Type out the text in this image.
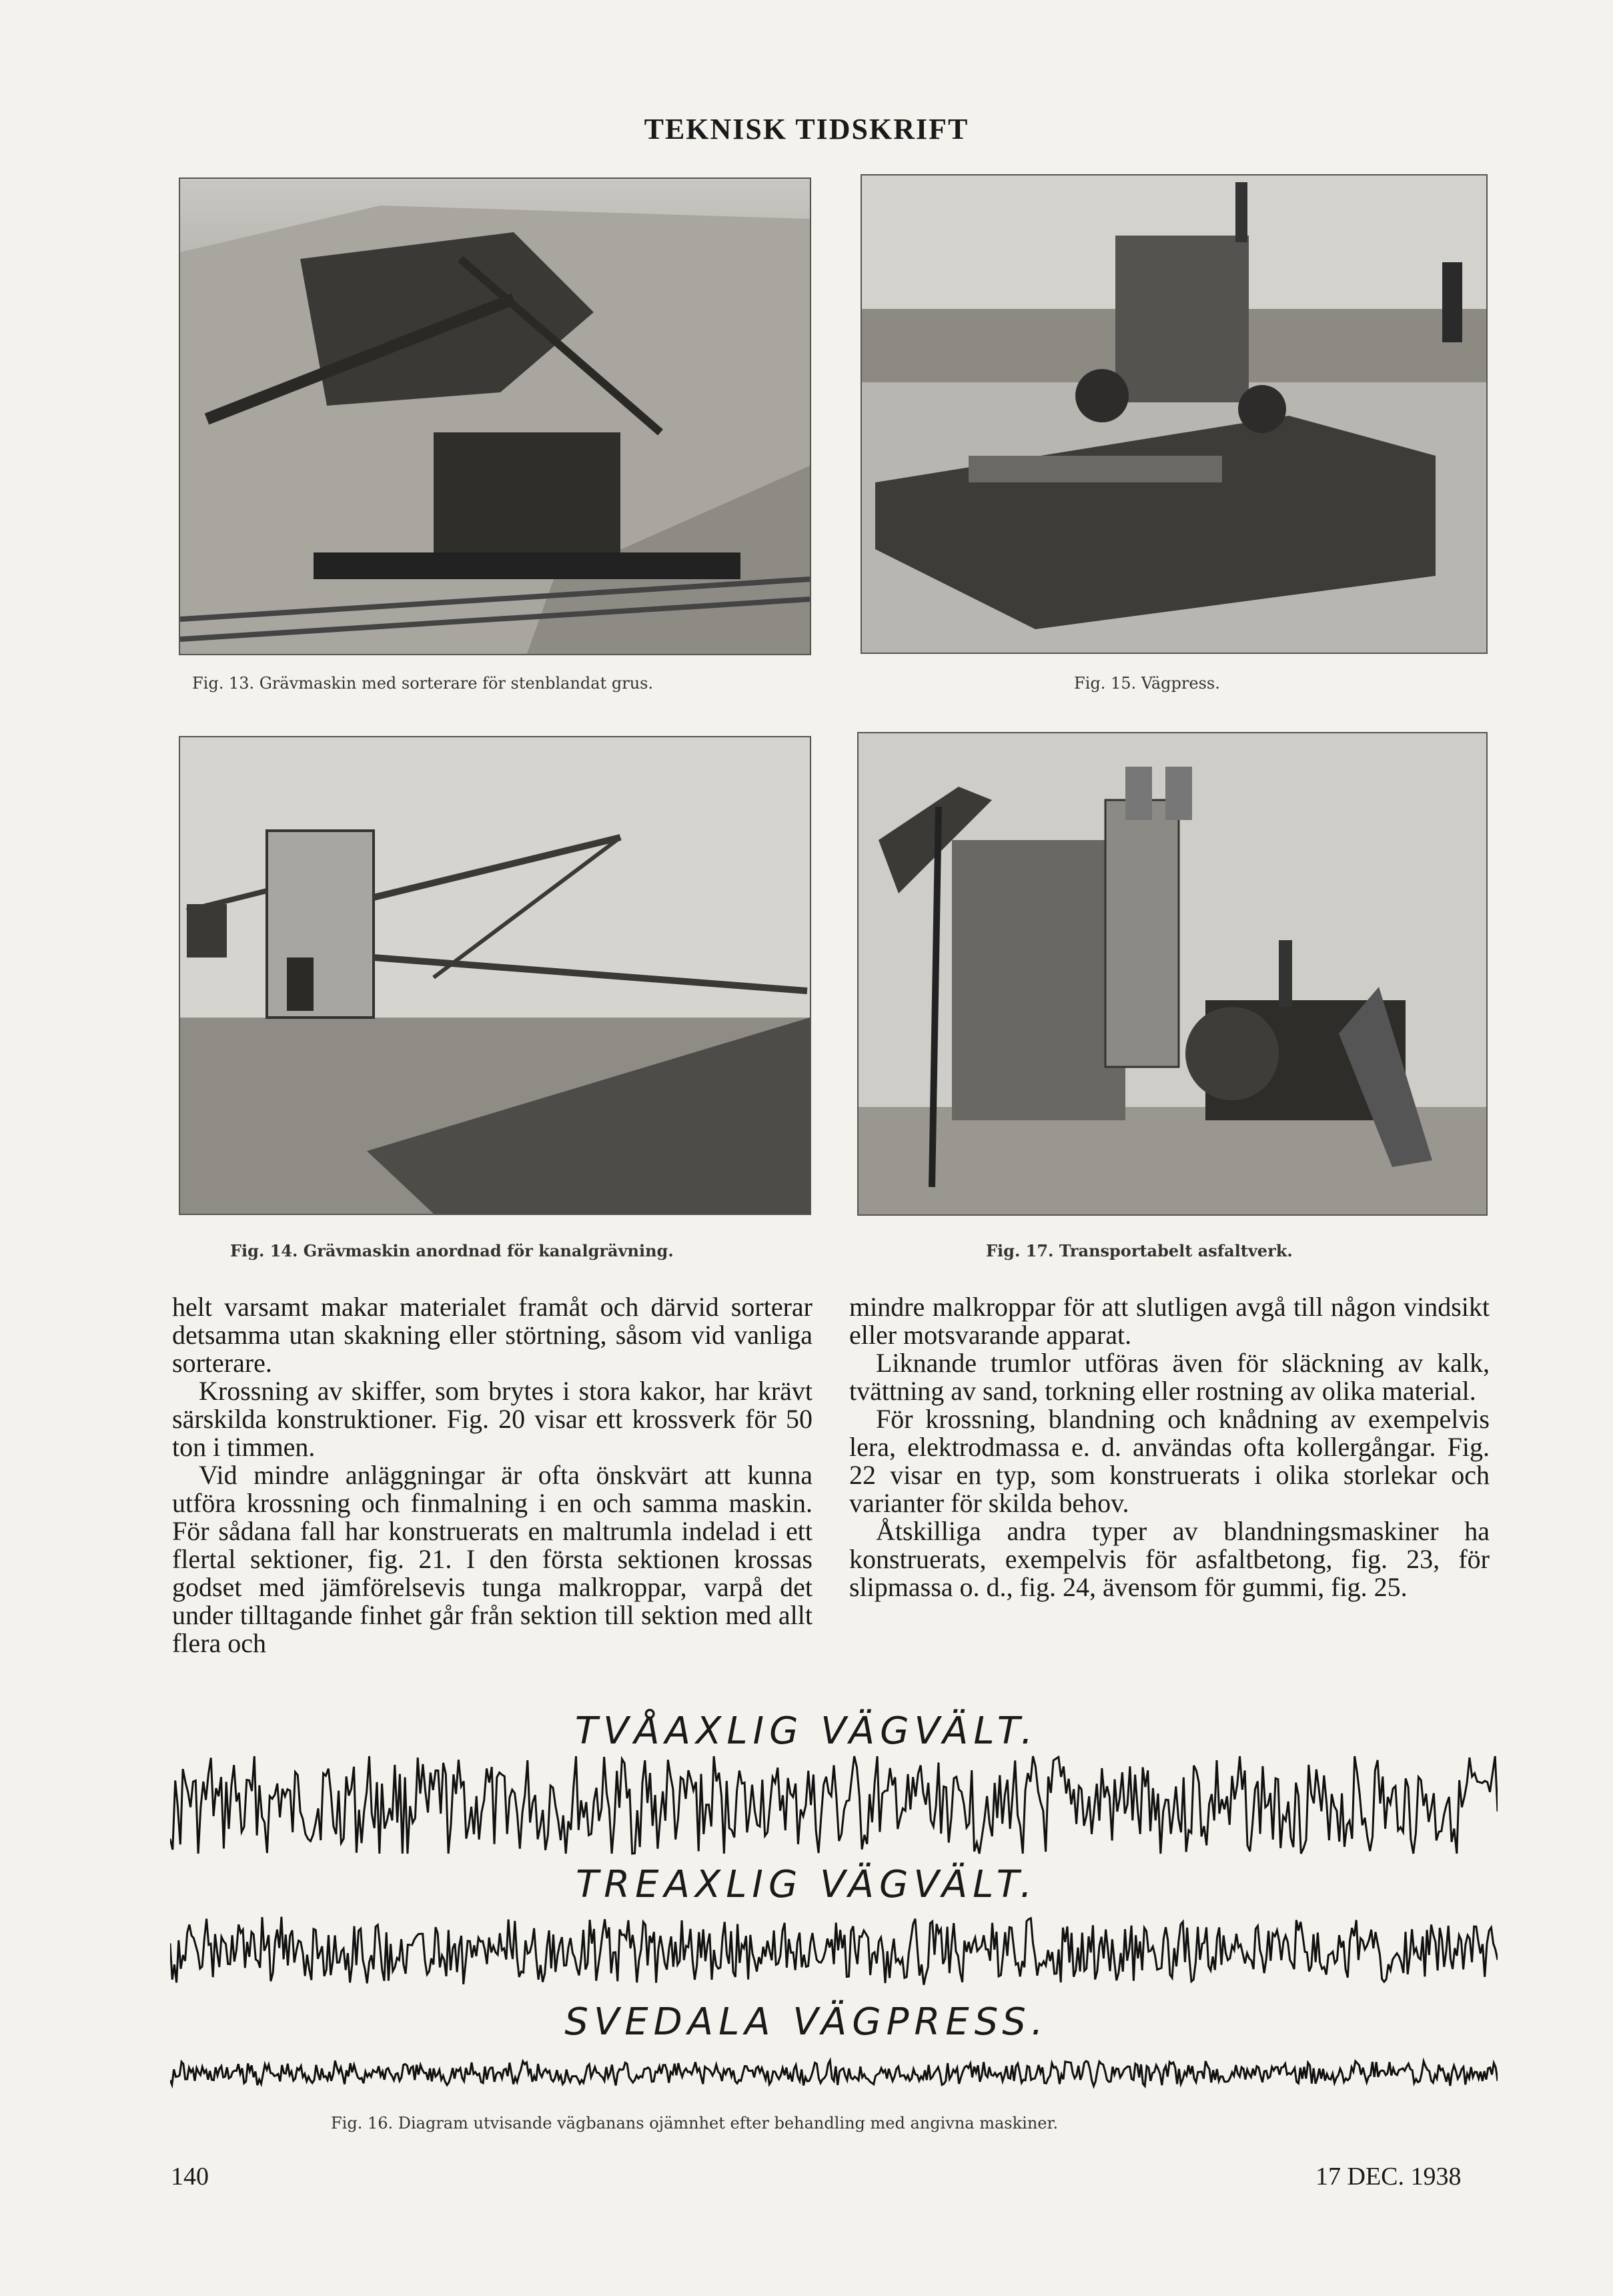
TEKNISK TIDSKRIFT
Fig. 13. Grävmaskin med sorterare för stenblandat grus.	Fig. 15. Vägpress.
Fig. 14. Grävmaskin anordnad för kanalgrävning.	Fig. 17. Transportabelt asfaltverk.

helt varsamt makar materialet framåt och därvid sorterar detsamma utan skakning eller störtning, såsom vid vanliga sorterare.

Krossning av skiffer, som brytes i stora kakor, har krävt särskilda konstruktioner. Fig. 20 visar ett krossverk för 50 ton i timmen.

Vid mindre anläggningar är ofta önskvärt att kunna utföra krossning och finmalning i en och samma maskin. För sådana fall har konstruerats en maltrumla indelad i ett flertal sektioner, fig. 21. I den första sektionen krossas godset med jämförelsevis tunga malkroppar, varpå det under tilltagande finhet går från sektion till sektion med allt flera och

mindre malkroppar för att slutligen avgå till någon vindsikt eller motsvarande apparat.

Liknande trumlor utföras även för släckning av kalk, tvättning av sand, torkning eller rostning av olika material.

För krossning, blandning och knådning av exempelvis lera, elektrodmassa e. d. användas ofta kollergångar. Fig. 22 visar en typ, som konstruerats i olika storlekar och varianter för skilda behov.

Åtskilliga andra typer av blandningsmaskiner ha konstruerats, exempelvis för asfaltbetong, fig. 23, för slipmassa o. d., fig. 24, ävensom för gummi, fig. 25.

TVÅAXLIG VÄGVÄLT.
TREAXLIG VÄGVÄLT.
SVEDALA VÄGPRESS.
Fig. 16. Diagram utvisande vägbanans ojämnhet efter behandling med angivna maskiner.
140	17 DEC. 1938
